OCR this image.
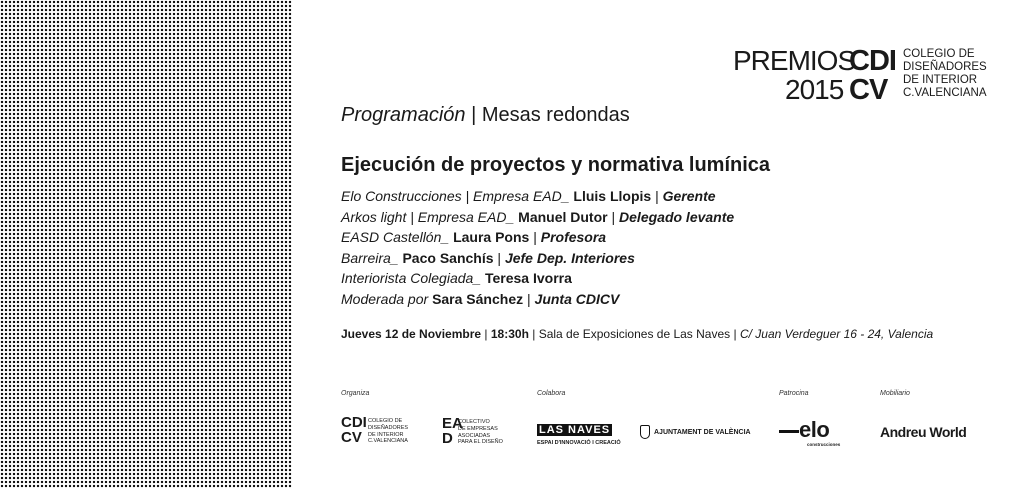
PREMIOS
2015
CDI
CV
COLEGIO DE
DISEÑADORES
DE INTERIOR
C.VALENCIANA
Programación | Mesas redondas
Ejecución de proyectos y normativa lumínica
Elo Construcciones | Empresa EAD_ Lluis Llopis | Gerente
Arkos light | Empresa EAD_ Manuel Dutor | Delegado levante
EASD Castellón_ Laura Pons | Profesora
Barreira_ Paco Sanchís | Jefe Dep. Interiores
Interiorista Colegiada_ Teresa Ivorra
Moderada por Sara Sánchez | Junta CDICV
Jueves 12 de Noviembre | 18:30h | Sala de Exposiciones de Las Naves | C/ Juan Verdeguer 16 - 24, Valencia
Organiza	Colabora	Patrocina	Mobiliario
CDI
CV
COLEGIO DE
DISEÑADORES
DE INTERIOR
C.VALENCIANA
EA
D
COLECTIVO
DE EMPRESAS
ASOCIADAS
PARA EL DISEÑO
LAS NAVES
ESPAI D'INNOVACIÓ I CREACIÓ
AJUNTAMENT DE VALÈNCIA elo
construcciones
Andreu World
